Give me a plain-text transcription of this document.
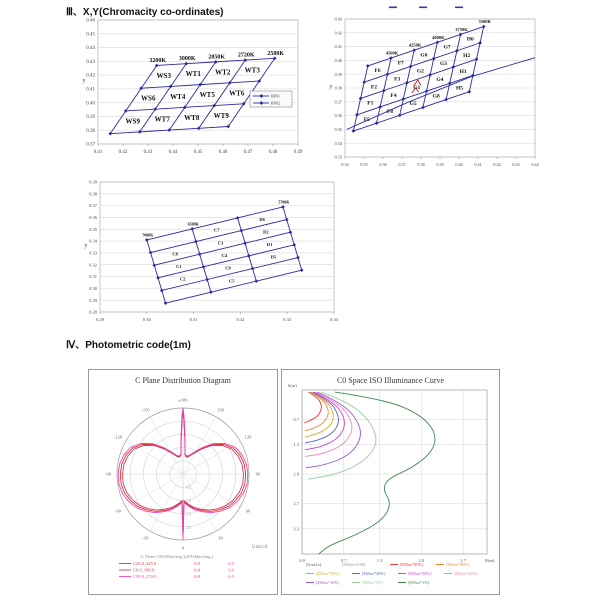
Ⅲ、X,Y(Chromacity co-ordinates)
0.46
0.45
0.44
0.43
0.42
0.41
0.40
0.39
0.38
0.37
0.41	0.42	0.43	0.44	0.45	0.46	0.47	0.48	0.49
y
3200K 3000K 2850K 2720K 2580K
WS3 WT1 WT2 WT3
WS6 WT4 WT5 WT6
WS9 WT7 WT8 WT9
BIN1
BIN2
0.43
0.42
0.41
0.40
0.39
0.38
0.37
0.36
0.35
0.34
0.33
0.34	0.35	0.36	0.37	0.38	0.39	0.40	0.41	0.42	0.43	0.44
y
4500K
4250K
4000K
3750K
3500K
F6
F7
G6
G7
H6
F2
F3
G2
G3
H2
F1
F4
G1
G4
H1
F5
F8
G5
G8
H5
0.39
0.38
0.37
0.36
0.35
0.34
0.33
0.32
0.31
0.30
0.29
0.28
0.29	0.30	0.31	0.32	0.33	0.34
y
7000K
6500K
5700K
C7
D6
C8
C3
D2
C1
C4
D1
C2
C0
D5
C5
Ⅳ、Photometric code(1m)
C Plane Distribution Diagram
0.5
1.0
1.5
2.0
-150
-120
-90
-60
-30
0
30
60
90
120
150
±180
Unit:cd
C Plane (50%MaxAng.)(10%MaxAng.)
C45.0_225.0 :	0.0	0.0
C0.0_180.0 :	0.0	0.0
C90.0_270.0 :	0.0	0.0
C0 Space ISO Illuminance Curve
0.0	0.7	1.3	2.0	2.7
0.7
1.3
2.0
2.7
3.3
R(m)
h(m)
[Unit:lx]	[EMax=0.00]	[EMax*80%]	[EMax*60%]
[EMax*50%]	[EMax*40%]	[EMax*30%]	[EMax*20%]
[EMax*10%]	[EMax*5%]	[EMax*1%]
